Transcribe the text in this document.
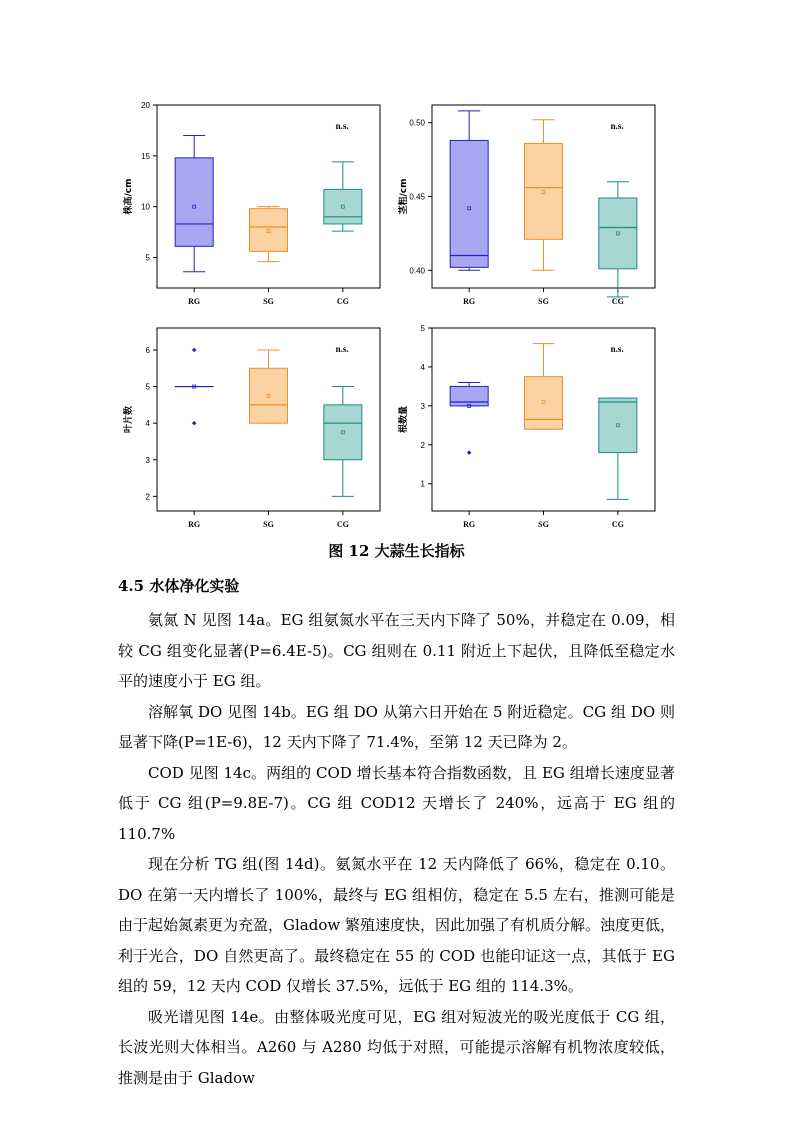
5
10
15
20
株高/cm
n.s.
RG	SG	CG
0.40
0.45
0.50
茎粗/cm
n.s.
RG	SG	CG
2
3
4
5
6
叶片数
n.s.
RG	SG	CG
1
2
3
4
5
根数量
n.s.
RG	SG	CG
图 12 大蒜生长指标
4.5 水体净化实验

氨氮 N 见图 14a。EG 组氨氮水平在三天内下降了 50%，并稳定在 0.09，相较 CG 组变化显著(P=6.4E-5)。CG 组则在 0.11 附近上下起伏，且降低至稳定水平的速度小于 EG 组。

溶解氧 DO 见图 14b。EG 组 DO 从第六日开始在 5 附近稳定。CG 组 DO 则显著下降(P=1E-6)，12 天内下降了 71.4%，至第 12 天已降为 2。

COD 见图 14c。两组的 COD 增长基本符合指数函数，且 EG 组增长速度显著低于 CG 组(P=9.8E-7)。CG 组 COD12 天增长了 240%，远高于 EG 组的 110.7%

现在分析 TG 组(图 14d)。氨氮水平在 12 天内降低了 66%，稳定在 0.10。DO 在第一天内增长了 100%，最终与 EG 组相仿，稳定在 5.5 左右，推测可能是由于起始氮素更为充盈，Gladow 繁殖速度快，因此加强了有机质分解。浊度更低，利于光合，DO 自然更高了。最终稳定在 55 的 COD 也能印证这一点，其低于 EG 组的 59，12 天内 COD 仅增长 37.5%，远低于 EG 组的 114.3%。

吸光谱见图 14e。由整体吸光度可见，EG 组对短波光的吸光度低于 CG 组，长波光则大体相当。A260 与 A280 均低于对照，可能提示溶解有机物浓度较低，推测是由于 Gladow
